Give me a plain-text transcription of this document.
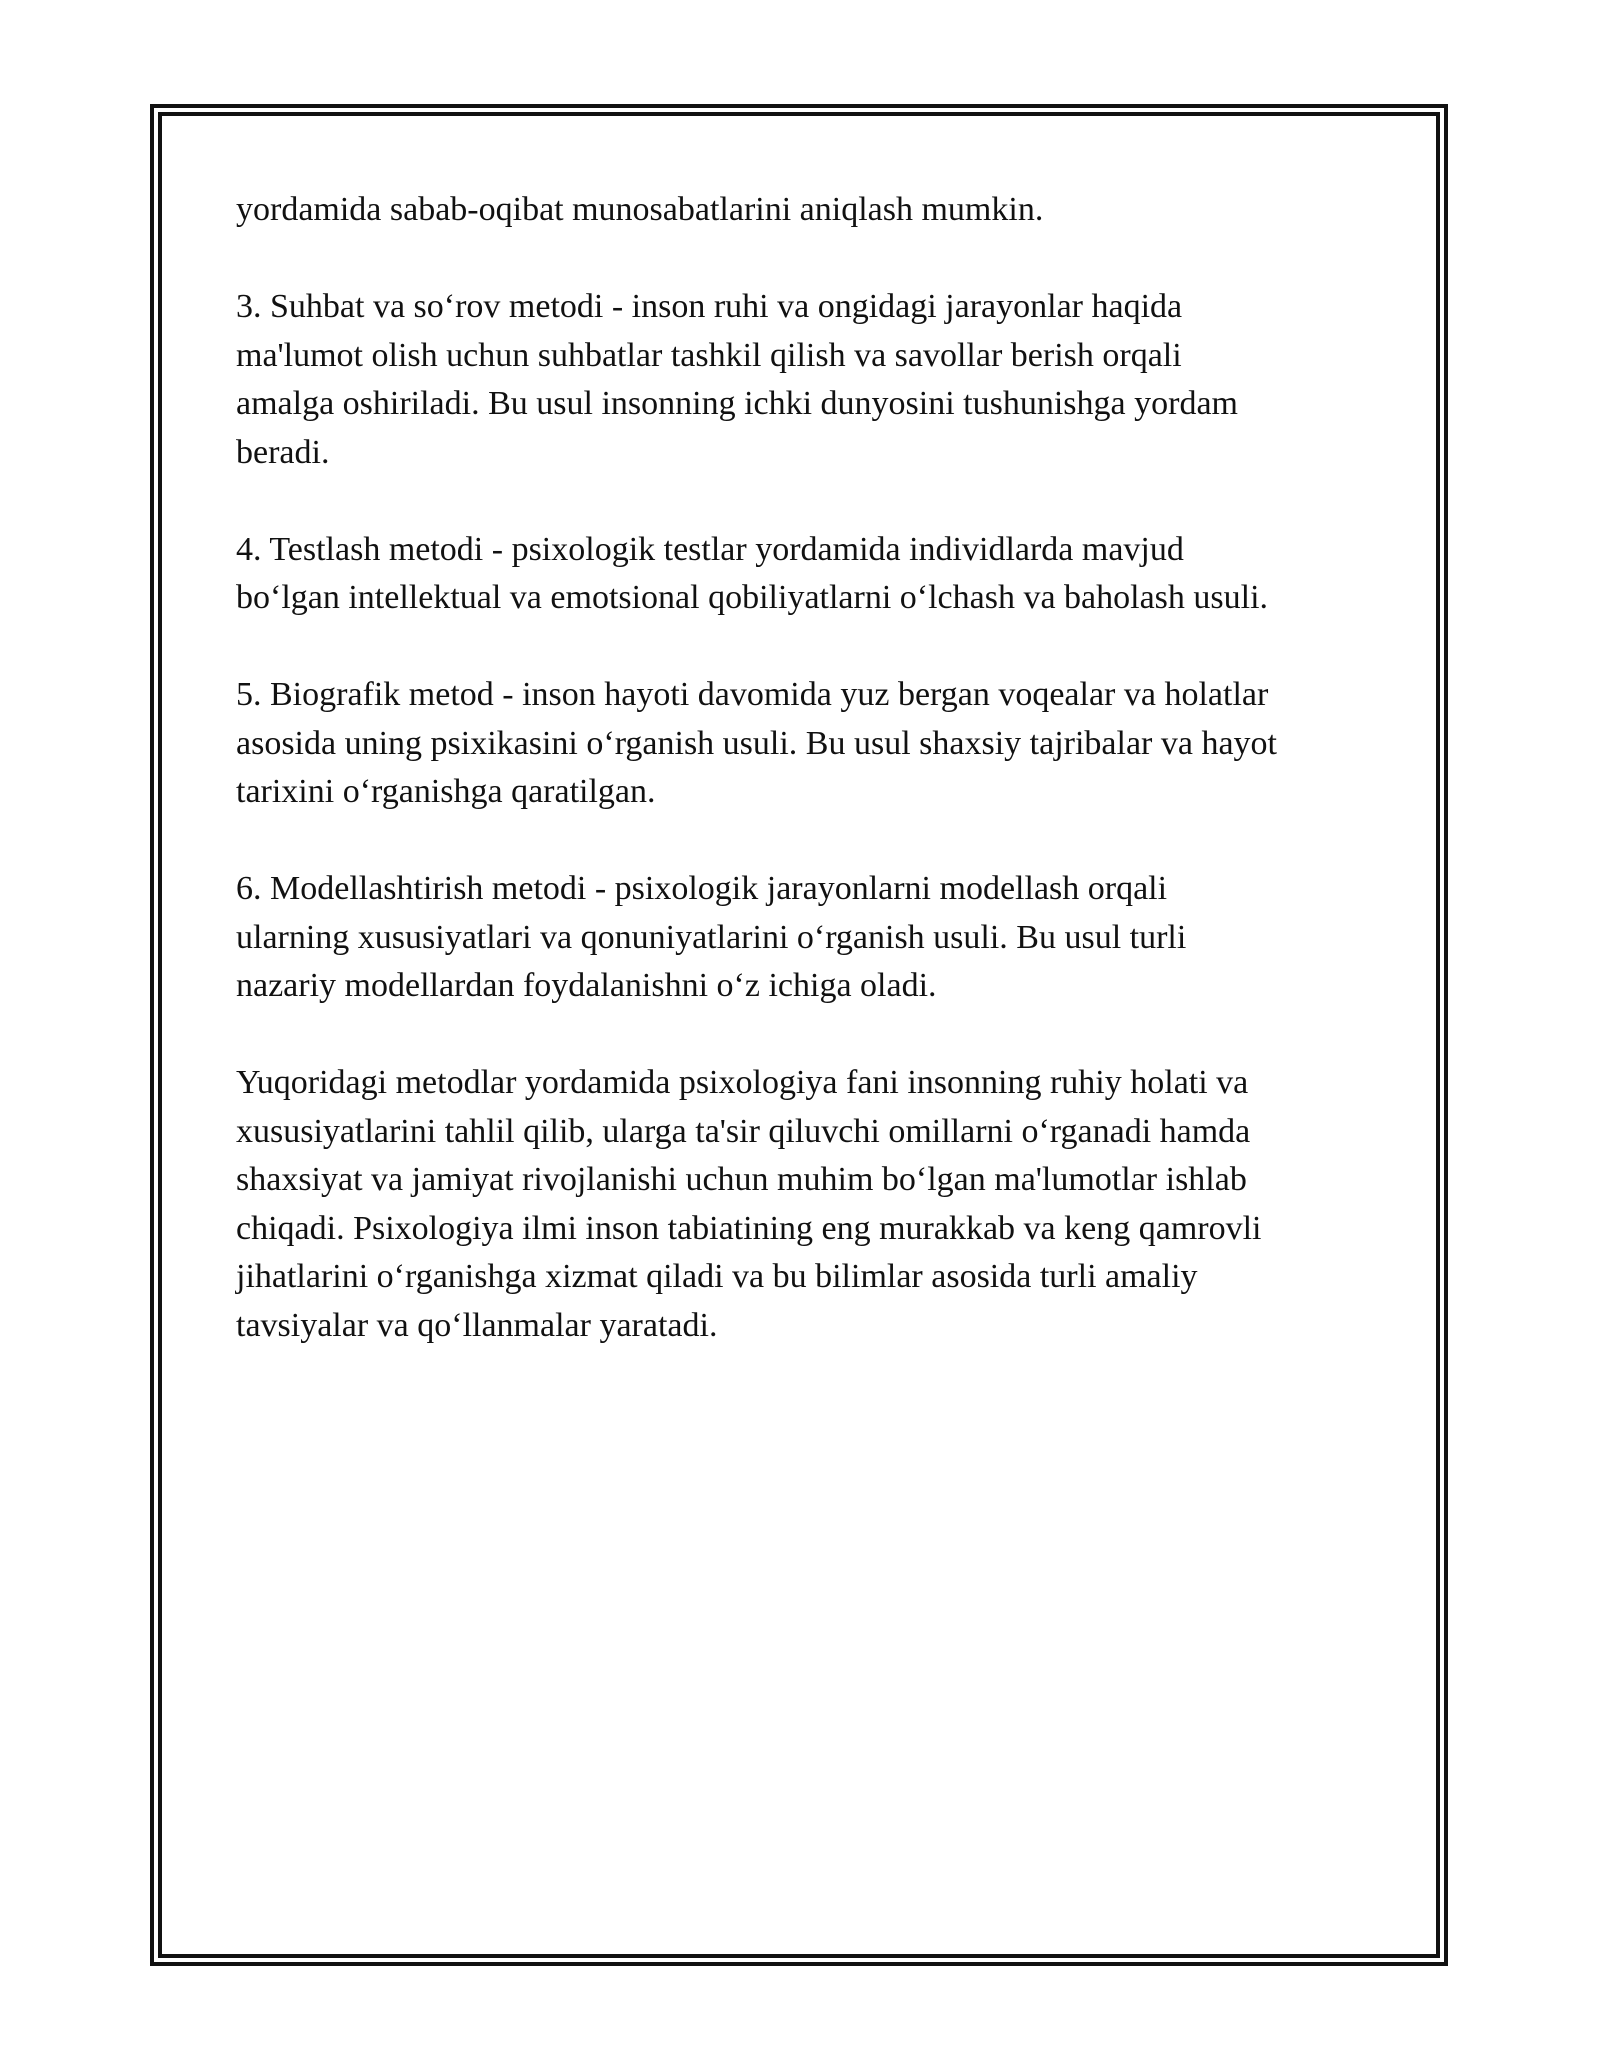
yordamida sabab-oqibat munosabatlarini aniqlash mumkin.

3. Suhbat va so‘rov metodi - inson ruhi va ongidagi jarayonlar haqida
ma'lumot olish uchun suhbatlar tashkil qilish va savollar berish orqali
amalga oshiriladi. Bu usul insonning ichki dunyosini tushunishga yordam
beradi.

4. Testlash metodi - psixologik testlar yordamida individlarda mavjud
bo‘lgan intellektual va emotsional qobiliyatlarni o‘lchash va baholash usuli.

5. Biografik metod - inson hayoti davomida yuz bergan voqealar va holatlar
asosida uning psixikasini o‘rganish usuli. Bu usul shaxsiy tajribalar va hayot
tarixini o‘rganishga qaratilgan.

6. Modellashtirish metodi - psixologik jarayonlarni modellash orqali
ularning xususiyatlari va qonuniyatlarini o‘rganish usuli. Bu usul turli
nazariy modellardan foydalanishni o‘z ichiga oladi.

Yuqoridagi metodlar yordamida psixologiya fani insonning ruhiy holati va
xususiyatlarini tahlil qilib, ularga ta'sir qiluvchi omillarni o‘rganadi hamda
shaxsiyat va jamiyat rivojlanishi uchun muhim bo‘lgan ma'lumotlar ishlab
chiqadi. Psixologiya ilmi inson tabiatining eng murakkab va keng qamrovli
jihatlarini o‘rganishga xizmat qiladi va bu bilimlar asosida turli amaliy
tavsiyalar va qo‘llanmalar yaratadi.
